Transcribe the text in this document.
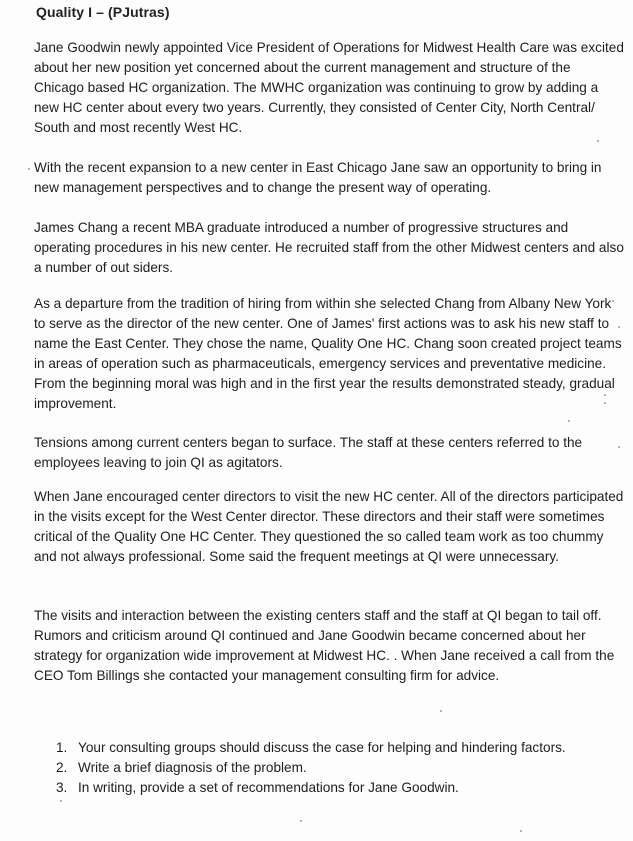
Quality I – (PJutras)

Jane Goodwin newly appointed Vice President of Operations for Midwest Health Care was excited about her new position yet concerned about the current management and structure of the Chicago based HC organization. The MWHC organization was continuing to grow by adding a new HC center about every two years. Currently, they consisted of Center City, North Central/ South and most recently West HC.

With the recent expansion to a new center in East Chicago Jane saw an opportunity to bring in new management perspectives and to change the present way of operating.

James Chang a recent MBA graduate introduced a number of progressive structures and operating procedures in his new center. He recruited staff from the other Midwest centers and also a number of out siders.

As a departure from the tradition of hiring from within she selected Chang from Albany New York to serve as the director of the new center. One of James' first actions was to ask his new staff to name the East Center. They chose the name, Quality One HC. Chang soon created project teams in areas of operation such as pharmaceuticals, emergency services and preventative medicine. From the beginning moral was high and in the first year the results demonstrated steady, gradual improvement.

Tensions among current centers began to surface. The staff at these centers referred to the employees leaving to join QI as agitators.

When Jane encouraged center directors to visit the new HC center. All of the directors participated in the visits except for the West Center director. These directors and their staff were sometimes critical of the Quality One HC Center. They questioned the so called team work as too chummy and not always professional. Some said the frequent meetings at QI were unnecessary.

The visits and interaction between the existing centers staff and the staff at QI began to tail off. Rumors and criticism around QI continued and Jane Goodwin became concerned about her strategy for organization wide improvement at Midwest HC. . When Jane received a call from the CEO Tom Billings she contacted your management consulting firm for advice.

1. Your consulting groups should discuss the case for helping and hindering factors.
2. Write a brief diagnosis of the problem.
3. In writing, provide a set of recommendations for Jane Goodwin.
